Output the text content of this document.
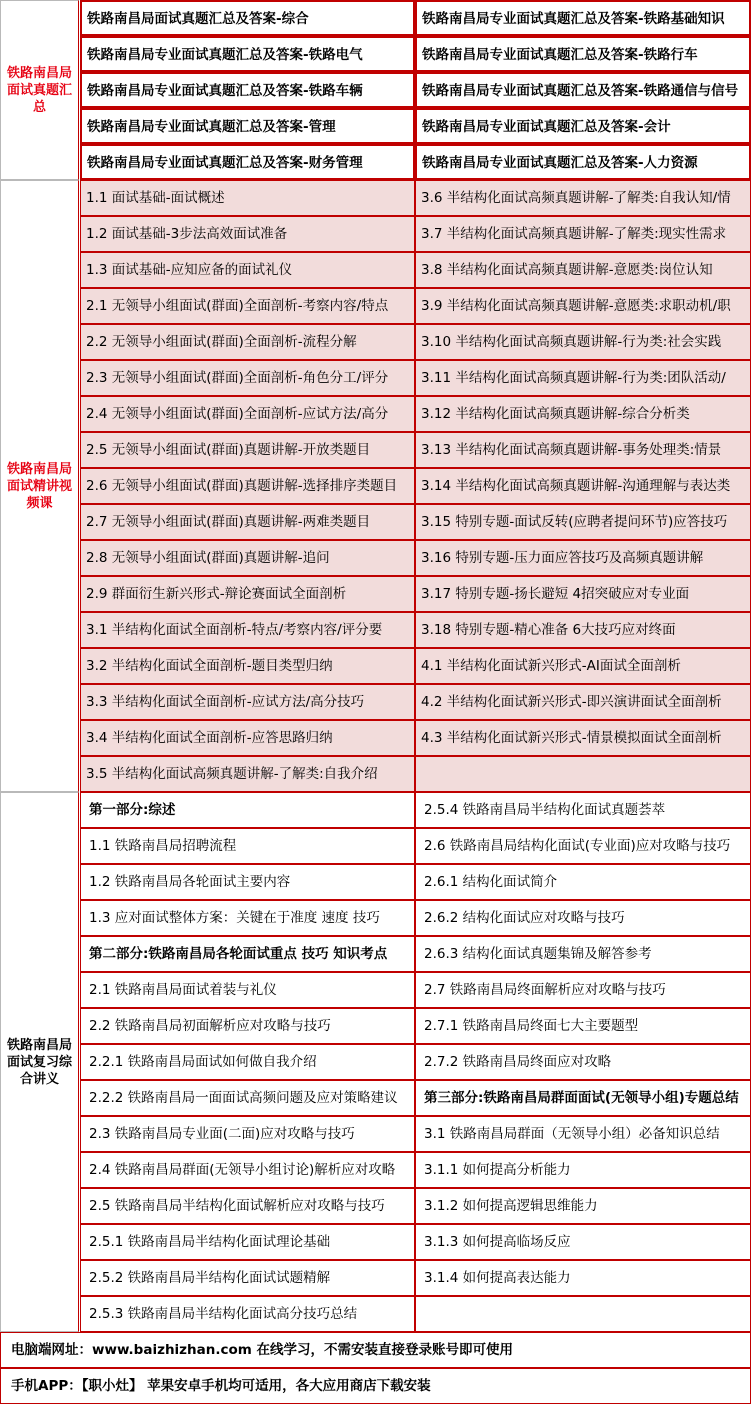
铁路南昌局面试真题汇总
铁路南昌局面试真题汇总及答案-综合
铁路南昌局专业面试真题汇总及答案-铁路电气
铁路南昌局专业面试真题汇总及答案-铁路车辆
铁路南昌局专业面试真题汇总及答案-管理
铁路南昌局专业面试真题汇总及答案-财务管理
铁路南昌局专业面试真题汇总及答案-铁路基础知识
铁路南昌局专业面试真题汇总及答案-铁路行车
铁路南昌局专业面试真题汇总及答案-铁路通信与信号
铁路南昌局专业面试真题汇总及答案-会计
铁路南昌局专业面试真题汇总及答案-人力资源
铁路南昌局面试精讲视频课
1.1 面试基础-面试概述
1.2 面试基础-3步法高效面试准备
1.3 面试基础-应知应备的面试礼仪
2.1 无领导小组面试(群面)全面剖析-考察内容/特点
2.2 无领导小组面试(群面)全面剖析-流程分解
2.3 无领导小组面试(群面)全面剖析-角色分工/评分
2.4 无领导小组面试(群面)全面剖析-应试方法/高分
2.5 无领导小组面试(群面)真题讲解-开放类题目
2.6 无领导小组面试(群面)真题讲解-选择排序类题目
2.7 无领导小组面试(群面)真题讲解-两难类题目
2.8 无领导小组面试(群面)真题讲解-追问
2.9 群面衍生新兴形式-辩论赛面试全面剖析
3.1 半结构化面试全面剖析-特点/考察内容/评分要
3.2 半结构化面试全面剖析-题目类型归纳
3.3 半结构化面试全面剖析-应试方法/高分技巧
3.4 半结构化面试全面剖析-应答思路归纳
3.5 半结构化面试高频真题讲解-了解类:自我介绍
3.6 半结构化面试高频真题讲解-了解类:自我认知/情
3.7 半结构化面试高频真题讲解-了解类:现实性需求
3.8 半结构化面试高频真题讲解-意愿类:岗位认知
3.9 半结构化面试高频真题讲解-意愿类:求职动机/职
3.10 半结构化面试高频真题讲解-行为类:社会实践
3.11 半结构化面试高频真题讲解-行为类:团队活动/
3.12 半结构化面试高频真题讲解-综合分析类
3.13 半结构化面试高频真题讲解-事务处理类:情景
3.14 半结构化面试高频真题讲解-沟通理解与表达类
3.15 特别专题-面试反转(应聘者提问环节)应答技巧
3.16 特别专题-压力面应答技巧及高频真题讲解
3.17 特别专题-扬长避短 4招突破应对专业面
3.18 特别专题-精心准备 6大技巧应对终面
4.1 半结构化面试新兴形式-AI面试全面剖析
4.2 半结构化面试新兴形式-即兴演讲面试全面剖析
4.3 半结构化面试新兴形式-情景模拟面试全面剖析
铁路南昌局面试复习综合讲义
第一部分:综述
1.1 铁路南昌局招聘流程
1.2 铁路南昌局各轮面试主要内容
1.3 应对面试整体方案：关键在于准度 速度 技巧
第二部分:铁路南昌局各轮面试重点 技巧 知识考点
2.1 铁路南昌局面试着装与礼仪
2.2 铁路南昌局初面解析应对攻略与技巧
2.2.1 铁路南昌局面试如何做自我介绍
2.2.2 铁路南昌局一面面试高频问题及应对策略建议
2.3 铁路南昌局专业面(二面)应对攻略与技巧
2.4 铁路南昌局群面(无领导小组讨论)解析应对攻略
2.5 铁路南昌局半结构化面试解析应对攻略与技巧
2.5.1 铁路南昌局半结构化面试理论基础
2.5.2 铁路南昌局半结构化面试试题精解
2.5.3 铁路南昌局半结构化面试高分技巧总结
2.5.4 铁路南昌局半结构化面试真题荟萃
2.6 铁路南昌局结构化面试(专业面)应对攻略与技巧
2.6.1 结构化面试简介
2.6.2 结构化面试应对攻略与技巧
2.6.3 结构化面试真题集锦及解答参考
2.7 铁路南昌局终面解析应对攻略与技巧
2.7.1 铁路南昌局终面七大主要题型
2.7.2 铁路南昌局终面应对攻略
第三部分:铁路南昌局群面面试(无领导小组)专题总结
3.1 铁路南昌局群面（无领导小组）必备知识总结
3.1.1 如何提高分析能力
3.1.2 如何提高逻辑思维能力
3.1.3 如何提高临场反应
3.1.4 如何提高表达能力
电脑端网址：www.baizhizhan.com 在线学习，不需安装直接登录账号即可使用
手机APP：【职小灶】 苹果安卓手机均可适用，各大应用商店下载安装
